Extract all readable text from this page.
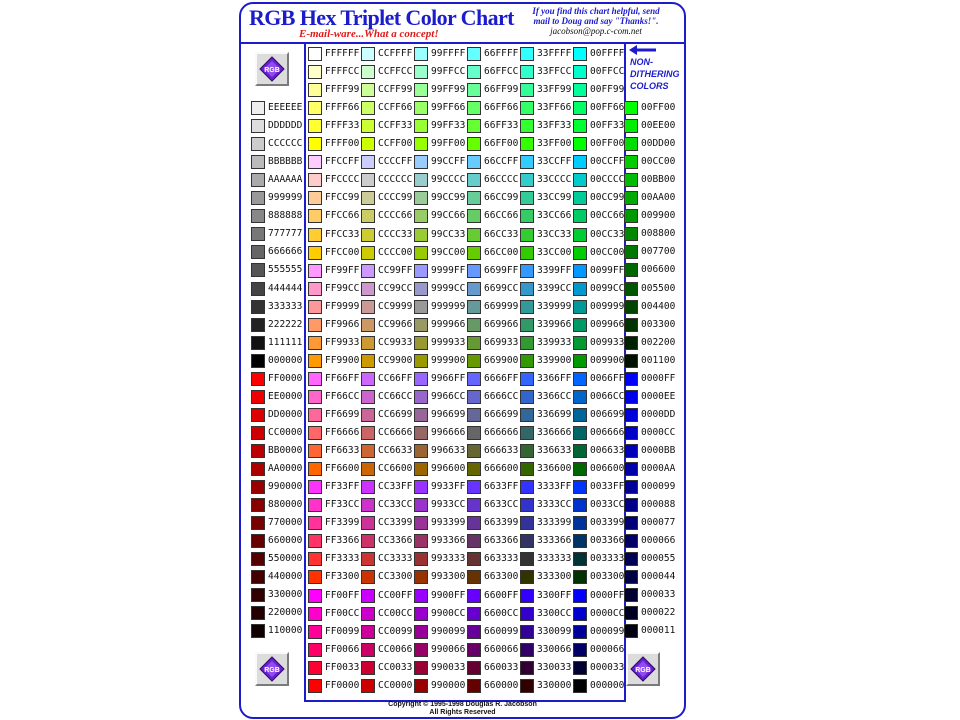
RGB Hex Triplet Color Chart
E-mail-ware...What a concept!
If you find this chart helpful, send
mail to Doug and say "Thanks!".
jacobson@pop.c-com.net
RGB
RGB	RGB
NON-
DITHERING
COLORS
EEEEEE
DDDDDD
CCCCCC
BBBBBB
AAAAAA
999999
888888
777777
666666
555555
444444
333333
222222
111111
000000
FF0000
EE0000
DD0000
CC0000
BB0000
AA0000
990000
880000
770000
660000
550000
440000
330000
220000
110000
FFFFFF
FFFFCC
FFFF99
FFFF66
FFFF33
FFFF00
FFCCFF
FFCCCC
FFCC99
FFCC66
FFCC33
FFCC00
FF99FF
FF99CC
FF9999
FF9966
FF9933
FF9900
FF66FF
FF66CC
FF6699
FF6666
FF6633
FF6600
FF33FF
FF33CC
FF3399
FF3366
FF3333
FF3300
FF00FF
FF00CC
FF0099
FF0066
FF0033
FF0000
CCFFFF
CCFFCC
CCFF99
CCFF66
CCFF33
CCFF00
CCCCFF
CCCCCC
CCCC99
CCCC66
CCCC33
CCCC00
CC99FF
CC99CC
CC9999
CC9966
CC9933
CC9900
CC66FF
CC66CC
CC6699
CC6666
CC6633
CC6600
CC33FF
CC33CC
CC3399
CC3366
CC3333
CC3300
CC00FF
CC00CC
CC0099
CC0066
CC0033
CC0000
99FFFF
99FFCC
99FF99
99FF66
99FF33
99FF00
99CCFF
99CCCC
99CC99
99CC66
99CC33
99CC00
9999FF
9999CC
999999
999966
999933
999900
9966FF
9966CC
996699
996666
996633
996600
9933FF
9933CC
993399
993366
993333
993300
9900FF
9900CC
990099
990066
990033
990000
66FFFF
66FFCC
66FF99
66FF66
66FF33
66FF00
66CCFF
66CCCC
66CC99
66CC66
66CC33
66CC00
6699FF
6699CC
669999
669966
669933
669900
6666FF
6666CC
666699
666666
666633
666600
6633FF
6633CC
663399
663366
663333
663300
6600FF
6600CC
660099
660066
660033
660000
33FFFF
33FFCC
33FF99
33FF66
33FF33
33FF00
33CCFF
33CCCC
33CC99
33CC66
33CC33
33CC00
3399FF
3399CC
339999
339966
339933
339900
3366FF
3366CC
336699
336666
336633
336600
3333FF
3333CC
333399
333366
333333
333300
3300FF
3300CC
330099
330066
330033
330000
00FFFF
00FFCC
00FF99
00FF66
00FF33
00FF00
00CCFF
00CCCC
00CC99
00CC66
00CC33
00CC00
0099FF
0099CC
009999
009966
009933
009900
0066FF
0066CC
006699
006666
006633
006600
0033FF
0033CC
003399
003366
003333
003300
0000FF
0000CC
000099
000066
000033
000000
00FF00
00EE00
00DD00
00CC00
00BB00
00AA00
009900
008800
007700
006600
005500
004400
003300
002200
001100
0000FF
0000EE
0000DD
0000CC
0000BB
0000AA
000099
000088
000077
000066
000055
000044
000033
000022
000011
Copyright © 1995-1998 Douglas R. Jacobson
All Rights Reserved
